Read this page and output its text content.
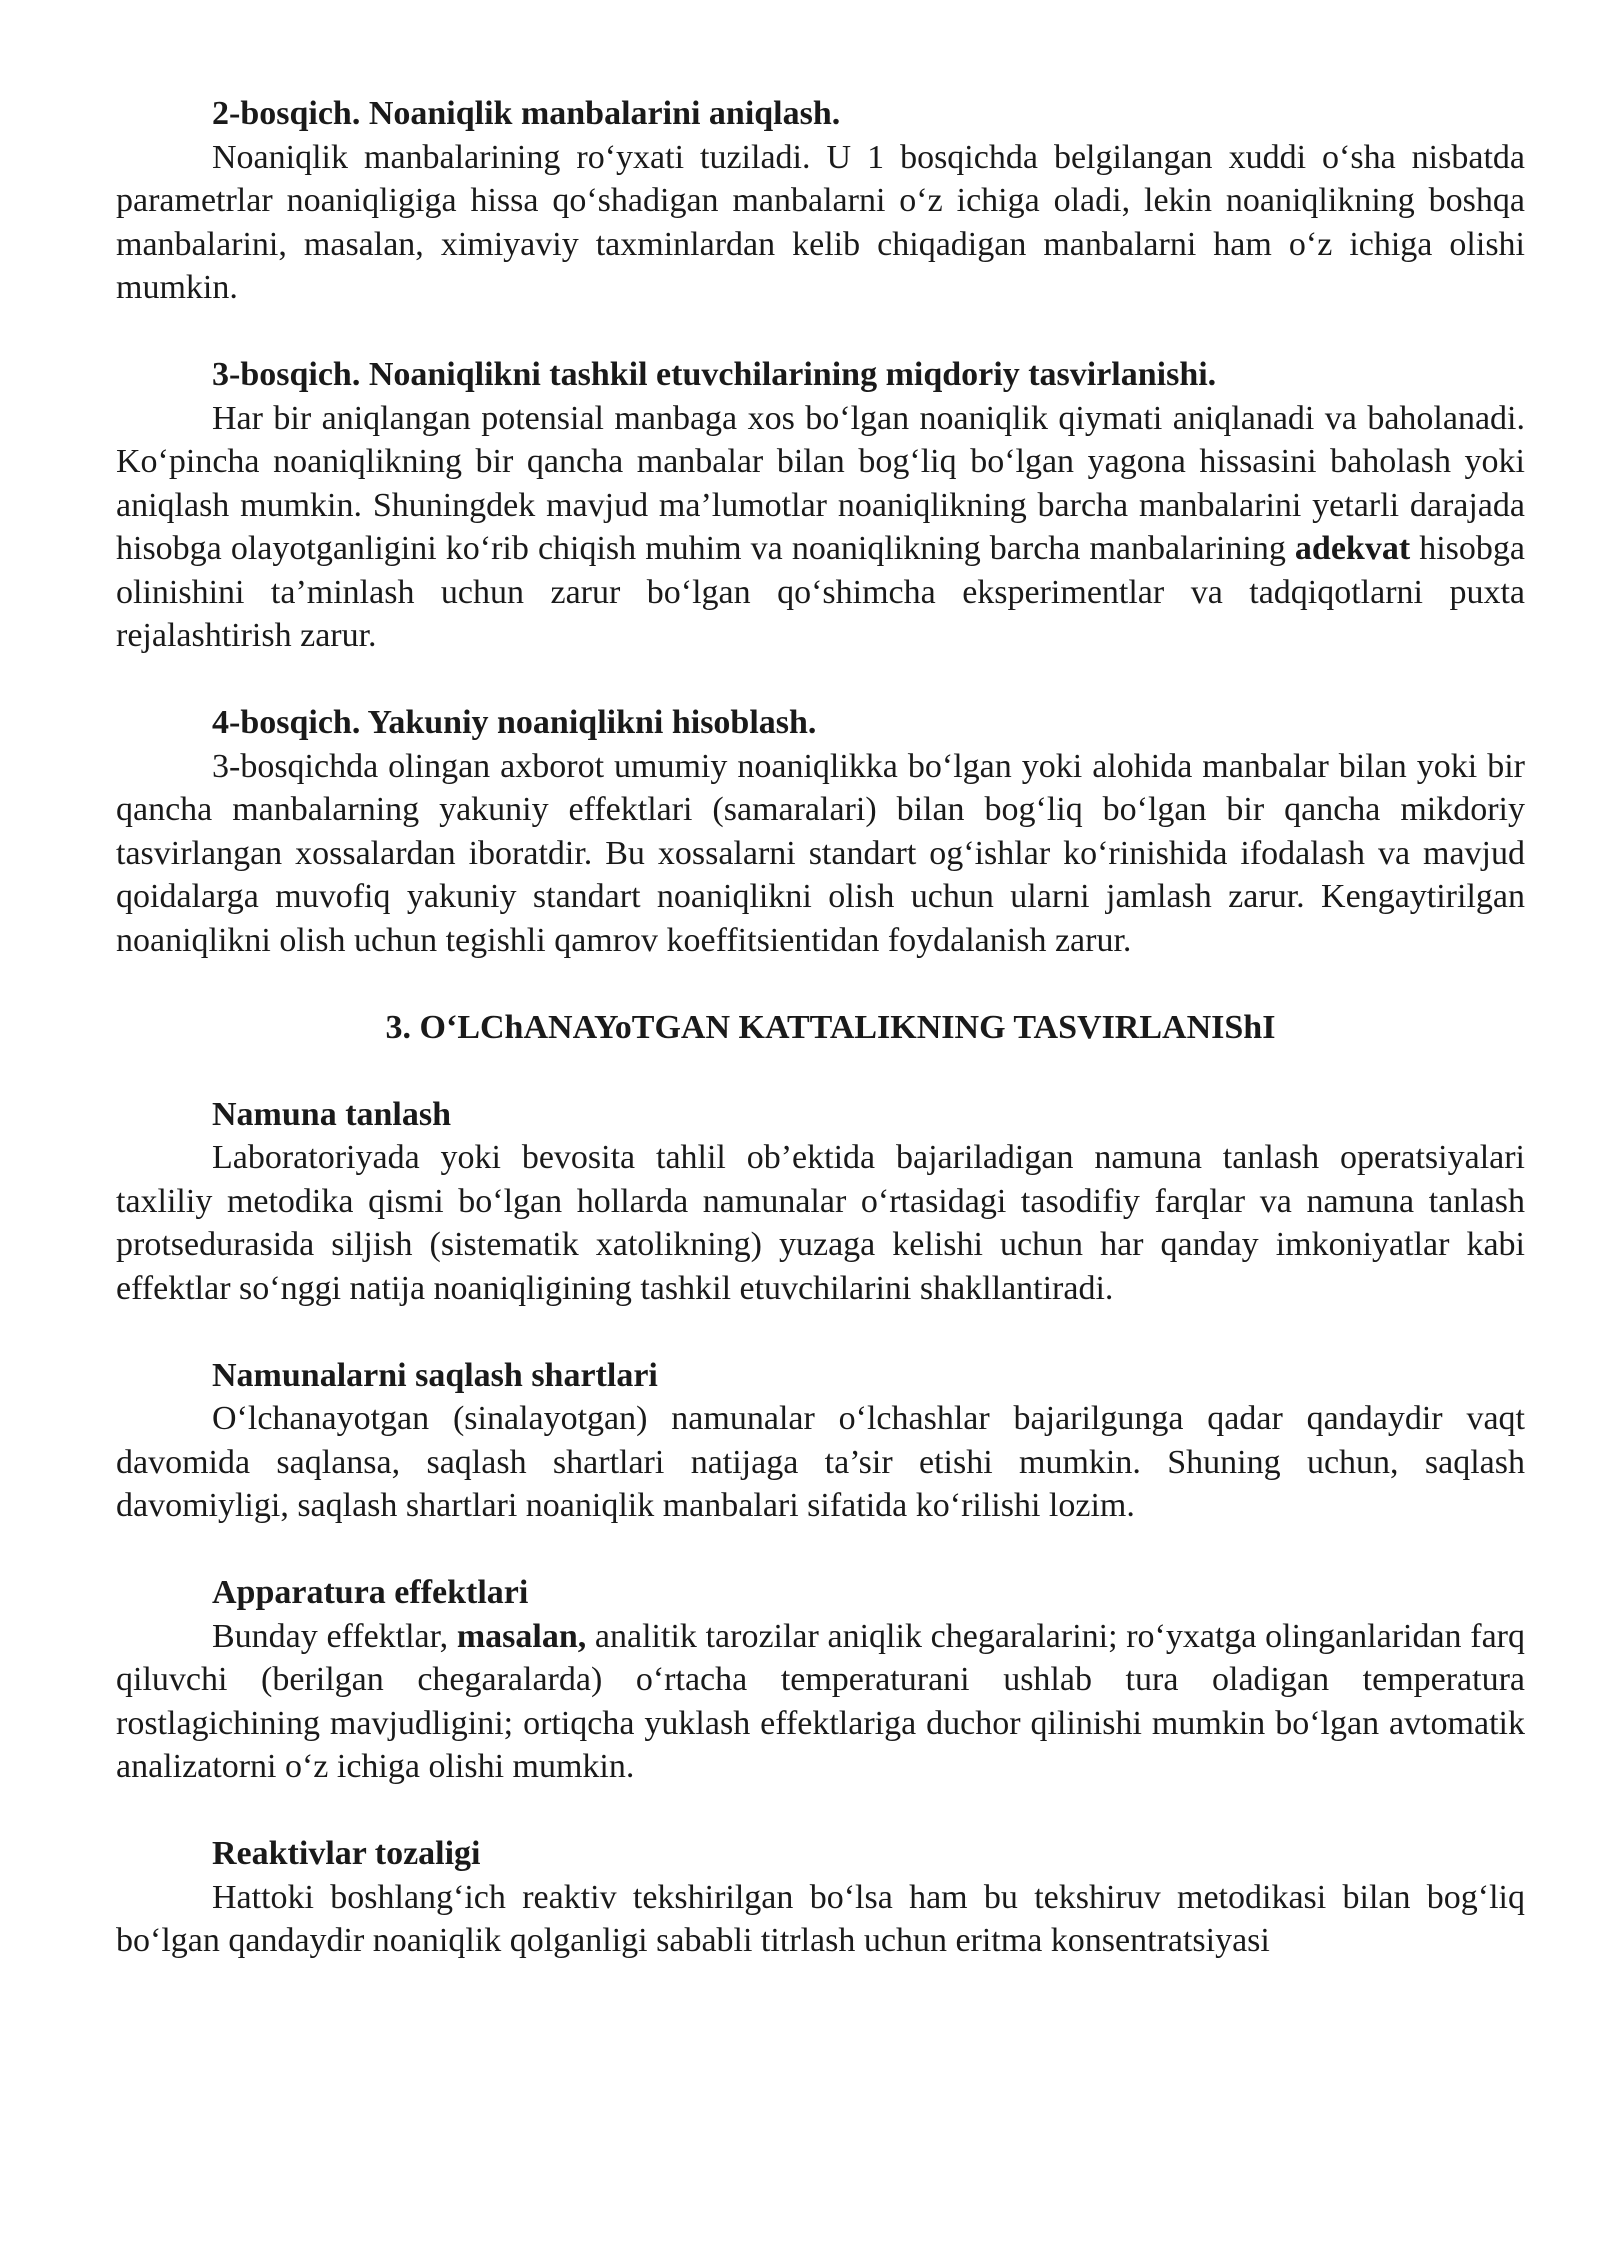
2-bosqich. Noaniqlik manbalarini aniqlash.

Noaniqlik manbalarining ro‘yxati tuziladi. U 1 bosqichda belgilangan xuddi o‘sha nisbatda parametrlar noaniqligiga hissa qo‘shadigan manbalarni o‘z ichiga oladi, lekin noaniqlikning boshqa manbalarini, masalan, ximiyaviy taxminlardan kelib chiqadigan manbalarni ham o‘z ichiga olishi mumkin.

3-bosqich. Noaniqlikni tashkil etuvchilarining miqdoriy tasvirlanishi.

Har bir aniqlangan potensial manbaga xos bo‘lgan noaniqlik qiymati aniqlanadi va baholanadi. Ko‘pincha noaniqlikning bir qancha manbalar bilan bog‘liq bo‘lgan yagona hissasini baholash yoki aniqlash mumkin. Shuningdek mavjud ma’lumotlar noaniqlikning barcha manbalarini yetarli darajada hisobga olayotganligini ko‘rib chiqish muhim va noaniqlikning barcha manbalarining adekvat hisobga olinishini ta’minlash uchun zarur bo‘lgan qo‘shimcha eksperimentlar va tadqiqotlarni puxta rejalashtirish zarur.

4-bosqich. Yakuniy noaniqlikni hisoblash.

3-bosqichda olingan axborot umumiy noaniqlikka bo‘lgan yoki alohida manbalar bilan yoki bir qancha manbalarning yakuniy effektlari (samaralari) bilan bog‘liq bo‘lgan bir qancha mikdoriy tasvirlangan xossalardan iboratdir. Bu xossalarni standart og‘ishlar ko‘rinishida ifodalash va mavjud qoidalarga muvofiq yakuniy standart noaniqlikni olish uchun ularni jamlash zarur. Kengaytirilgan noaniqlikni olish uchun tegishli qamrov koeffitsientidan foydalanish zarur.

3. O‘LChANAYoTGAN KATTALIKNING TASVIRLANIShI

Namuna tanlash

Laboratoriyada yoki bevosita tahlil ob’ektida bajariladigan namuna tanlash operatsiyalari taxliliy metodika qismi bo‘lgan hollarda namunalar o‘rtasidagi tasodifiy farqlar va namuna tanlash protsedurasida siljish (sistematik xatolikning) yuzaga kelishi uchun har qanday imkoniyatlar kabi effektlar so‘nggi natija noaniqligining tashkil etuvchilarini shakllantiradi.

Namunalarni saqlash shartlari

O‘lchanayotgan (sinalayotgan) namunalar o‘lchashlar bajarilgunga qadar qandaydir vaqt davomida saqlansa, saqlash shartlari natijaga ta’sir etishi mumkin. Shuning uchun, saqlash davomiyligi, saqlash shartlari noaniqlik manbalari sifatida ko‘rilishi lozim.

Apparatura effektlari

Bunday effektlar, masalan, analitik tarozilar aniqlik chegaralarini; ro‘yxatga olinganlaridan farq qiluvchi (berilgan chegaralarda) o‘rtacha temperaturani ushlab tura oladigan temperatura rostlagichining mavjudligini; ortiqcha yuklash effektlariga duchor qilinishi mumkin bo‘lgan avtomatik analizatorni o‘z ichiga olishi mumkin.

Reaktivlar tozaligi

Hattoki boshlang‘ich reaktiv tekshirilgan bo‘lsa ham bu tekshiruv metodikasi bilan bog‘liq bo‘lgan qandaydir noaniqlik qolganligi sababli titrlash uchun eritma konsentratsiyasi
